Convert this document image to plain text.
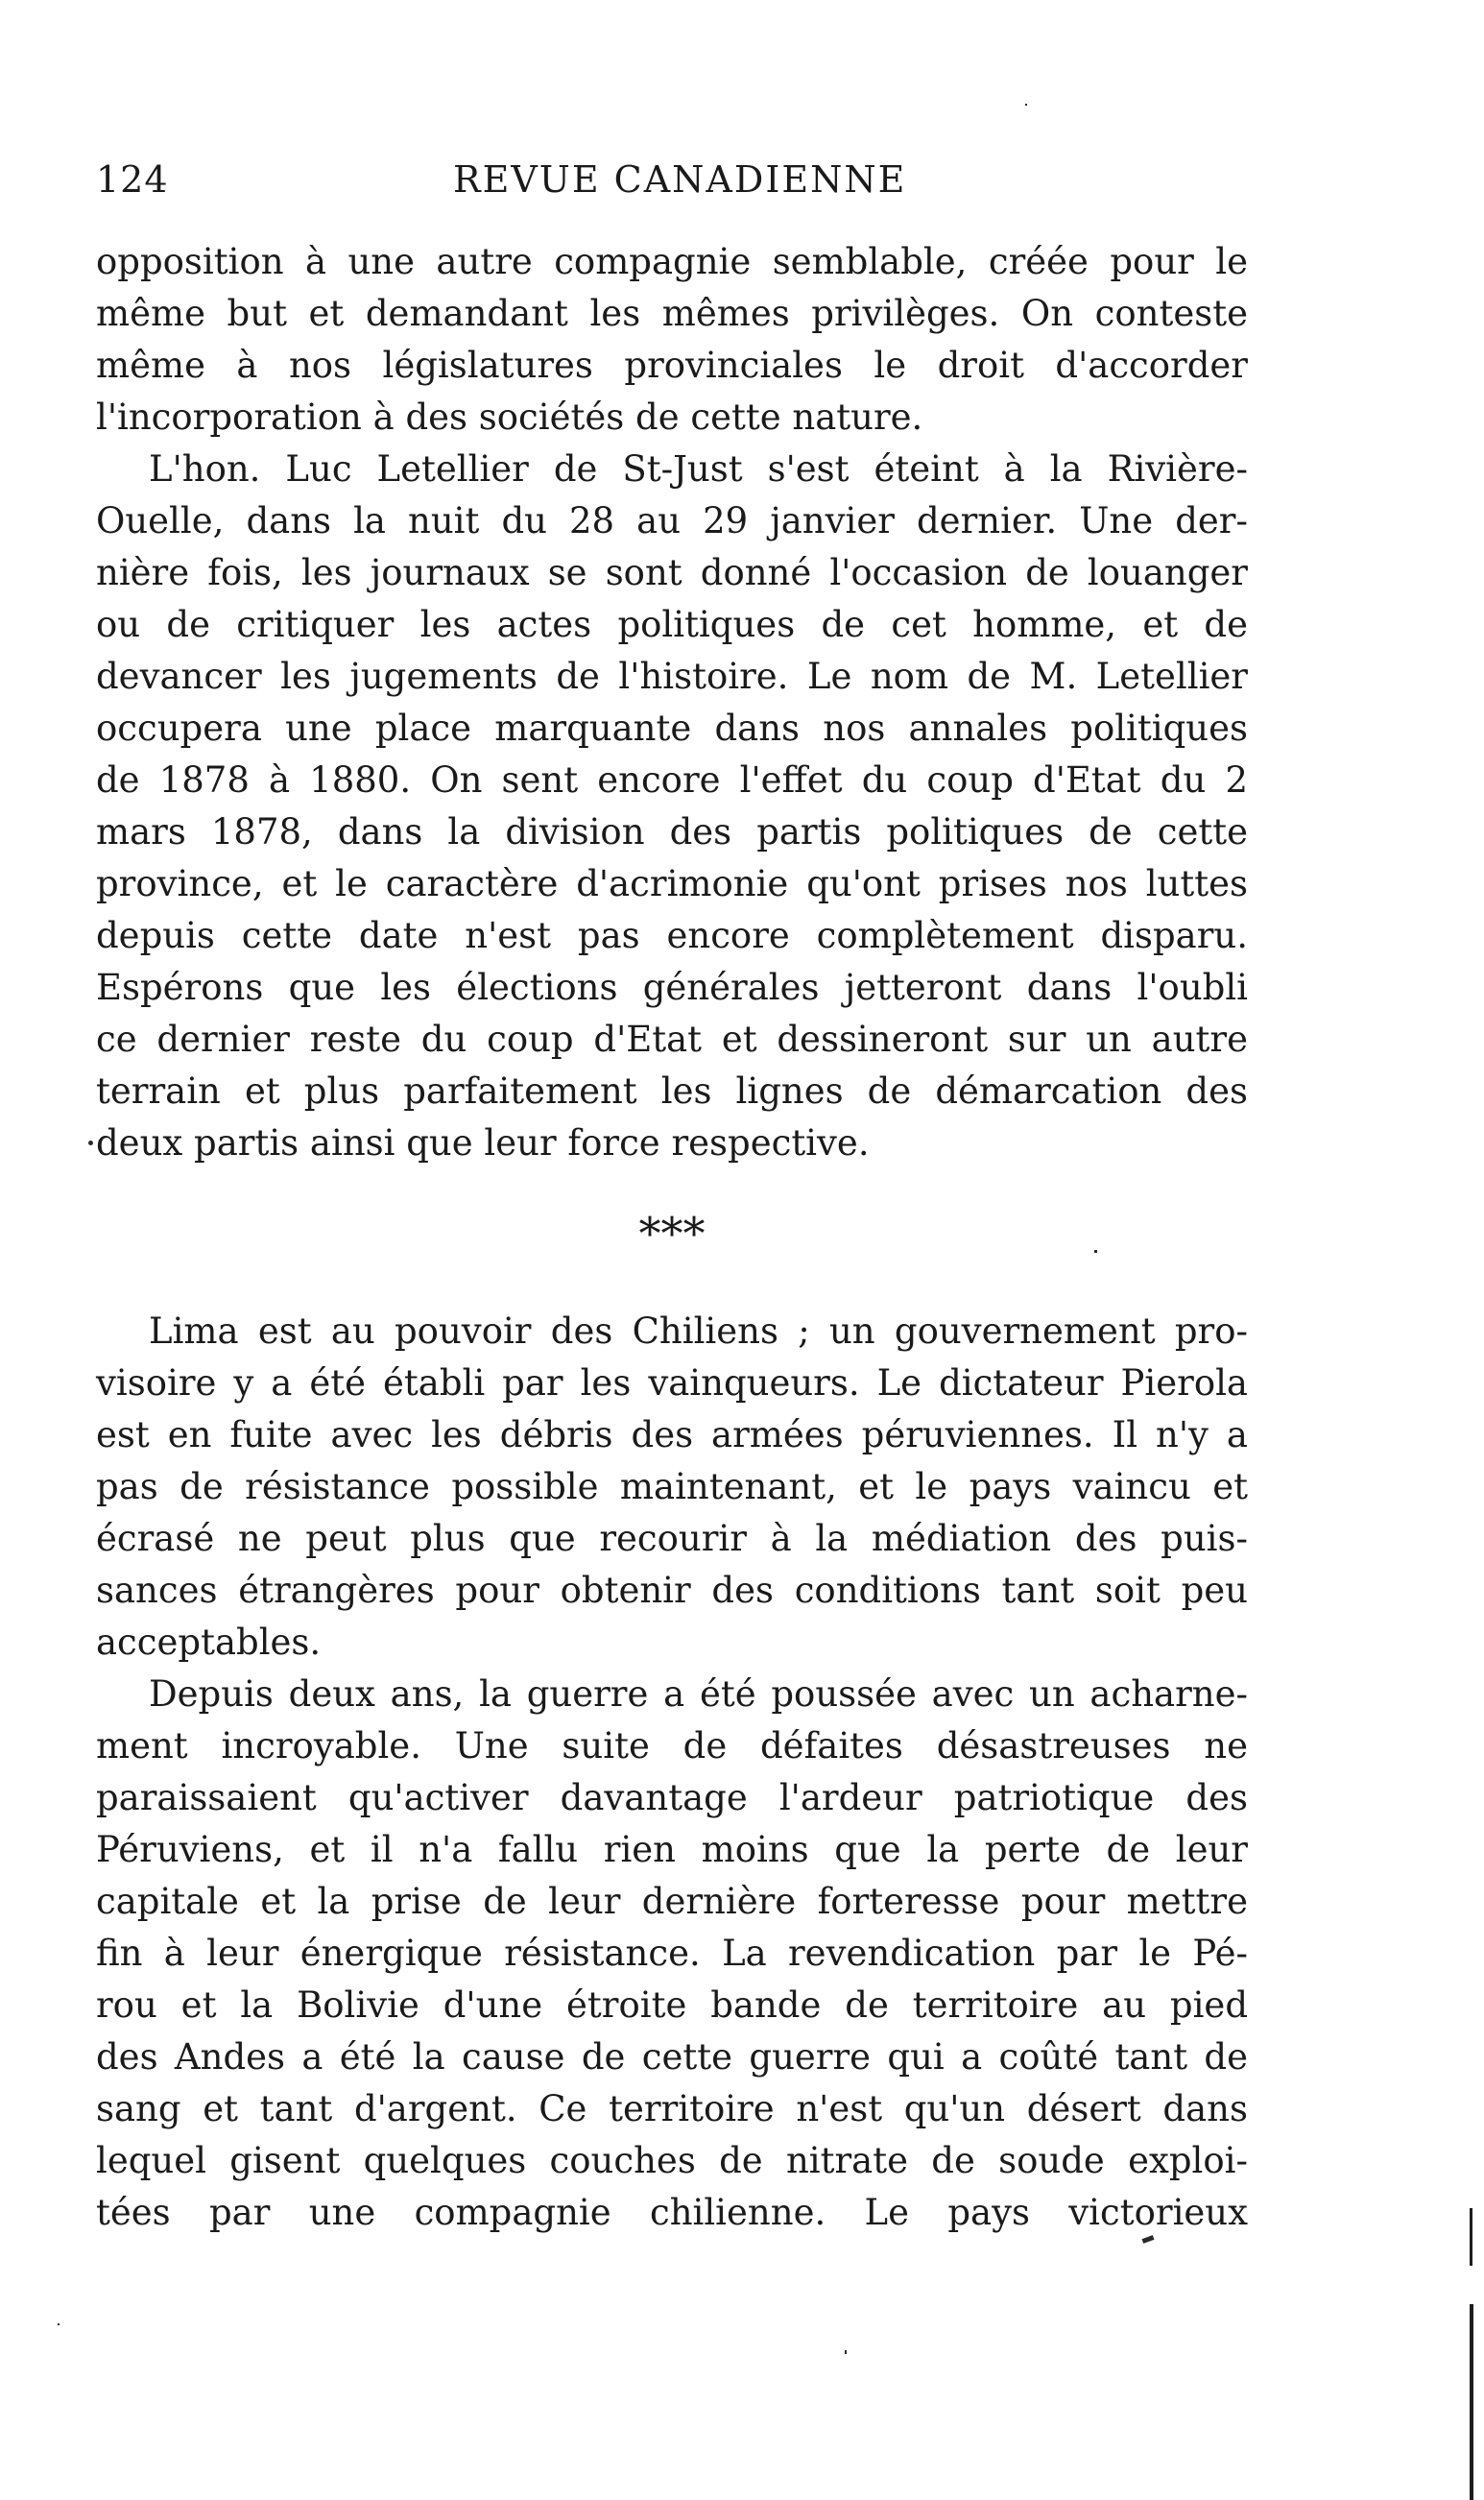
124	REVUE CANADIENNE
opposition à une autre compagnie semblable, créée pour le
même but et demandant les mêmes privilèges. On conteste
même à nos législatures provinciales le droit d'accorder
l'incorporation à des sociétés de cette nature.
L'hon. Luc Letellier de St-Just s'est éteint à la Rivière-
Ouelle, dans la nuit du 28 au 29 janvier dernier. Une der-
nière fois, les journaux se sont donné l'occasion de louanger
ou de critiquer les actes politiques de cet homme, et de
devancer les jugements de l'histoire. Le nom de M. Letellier
occupera une place marquante dans nos annales politiques
de 1878 à 1880. On sent encore l'effet du coup d'Etat du 2
mars 1878, dans la division des partis politiques de cette
province, et le caractère d'acrimonie qu'ont prises nos luttes
depuis cette date n'est pas encore complètement disparu.
Espérons que les élections générales jetteront dans l'oubli
ce dernier reste du coup d'Etat et dessineront sur un autre
terrain et plus parfaitement les lignes de démarcation des
deux partis ainsi que leur force respective.
⁎⁎⁎
Lima est au pouvoir des Chiliens ; un gouvernement pro-
visoire y a été établi par les vainqueurs. Le dictateur Pierola
est en fuite avec les débris des armées péruviennes. Il n'y a
pas de résistance possible maintenant, et le pays vaincu et
écrasé ne peut plus que recourir à la médiation des puis-
sances étrangères pour obtenir des conditions tant soit peu
acceptables.
Depuis deux ans, la guerre a été poussée avec un acharne-
ment incroyable. Une suite de défaites désastreuses ne
paraissaient qu'activer davantage l'ardeur patriotique des
Péruviens, et il n'a fallu rien moins que la perte de leur
capitale et la prise de leur dernière forteresse pour mettre
fin à leur énergique résistance. La revendication par le Pé-
rou et la Bolivie d'une étroite bande de territoire au pied
des Andes a été la cause de cette guerre qui a coûté tant de
sang et tant d'argent. Ce territoire n'est qu'un désert dans
lequel gisent quelques couches de nitrate de soude exploi-
tées par une compagnie chilienne. Le pays victorieux
